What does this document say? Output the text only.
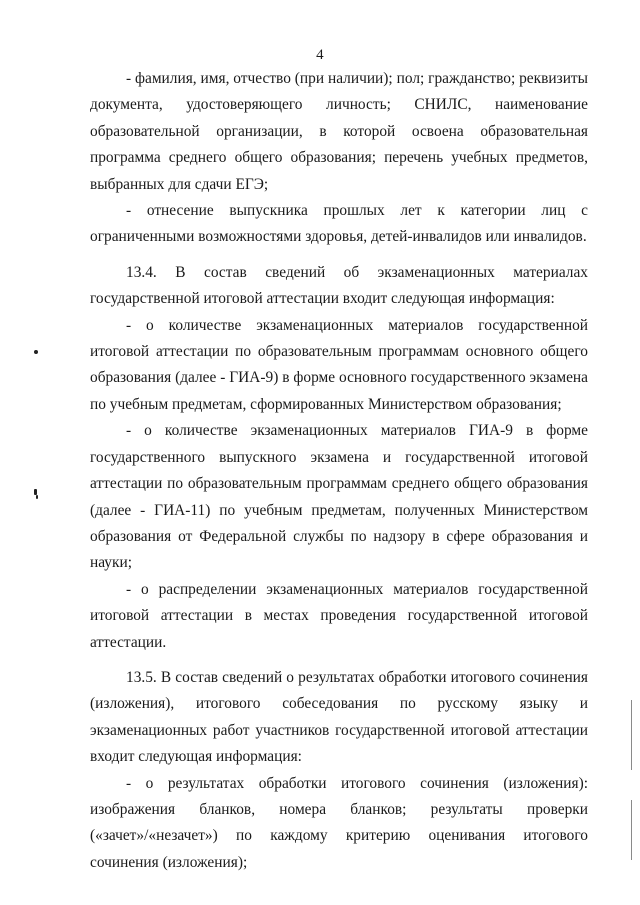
4

- фамилия, имя, отчество (при наличии); пол; гражданство; реквизиты документа, удостоверяющего личность; СНИЛС, наименование образовательной организации, в которой освоена образовательная программа среднего общего образования; перечень учебных предметов, выбранных для сдачи ЕГЭ;

- отнесение выпускника прошлых лет к категории лиц с ограниченными возможностями здоровья, детей-инвалидов или инвалидов.

13.4. В состав сведений об экзаменационных материалах государственной итоговой аттестации входит следующая информация:

- о количестве экзаменационных материалов государственной итоговой аттестации по образовательным программам основного общего образования (далее - ГИА-9) в форме основного государственного экзамена по учебным предметам, сформированных Министерством образования;

- о количестве экзаменационных материалов ГИА-9 в форме государственного выпускного экзамена и государственной итоговой аттестации по образовательным программам среднего общего образования (далее - ГИА-11) по учебным предметам, полученных Министерством образования от Федеральной службы по надзору в сфере образования и науки;

- о распределении экзаменационных материалов государственной итоговой аттестации в местах проведения государственной итоговой аттестации.

13.5. В состав сведений о результатах обработки итогового сочинения (изложения), итогового собеседования по русскому языку и экзаменационных работ участников государственной итоговой аттестации входит следующая информация:

- о результатах обработки итогового сочинения (изложения): изображения бланков, номера бланков; результаты проверки («зачет»/«незачет») по каждому критерию оценивания итогового сочинения (изложения);
